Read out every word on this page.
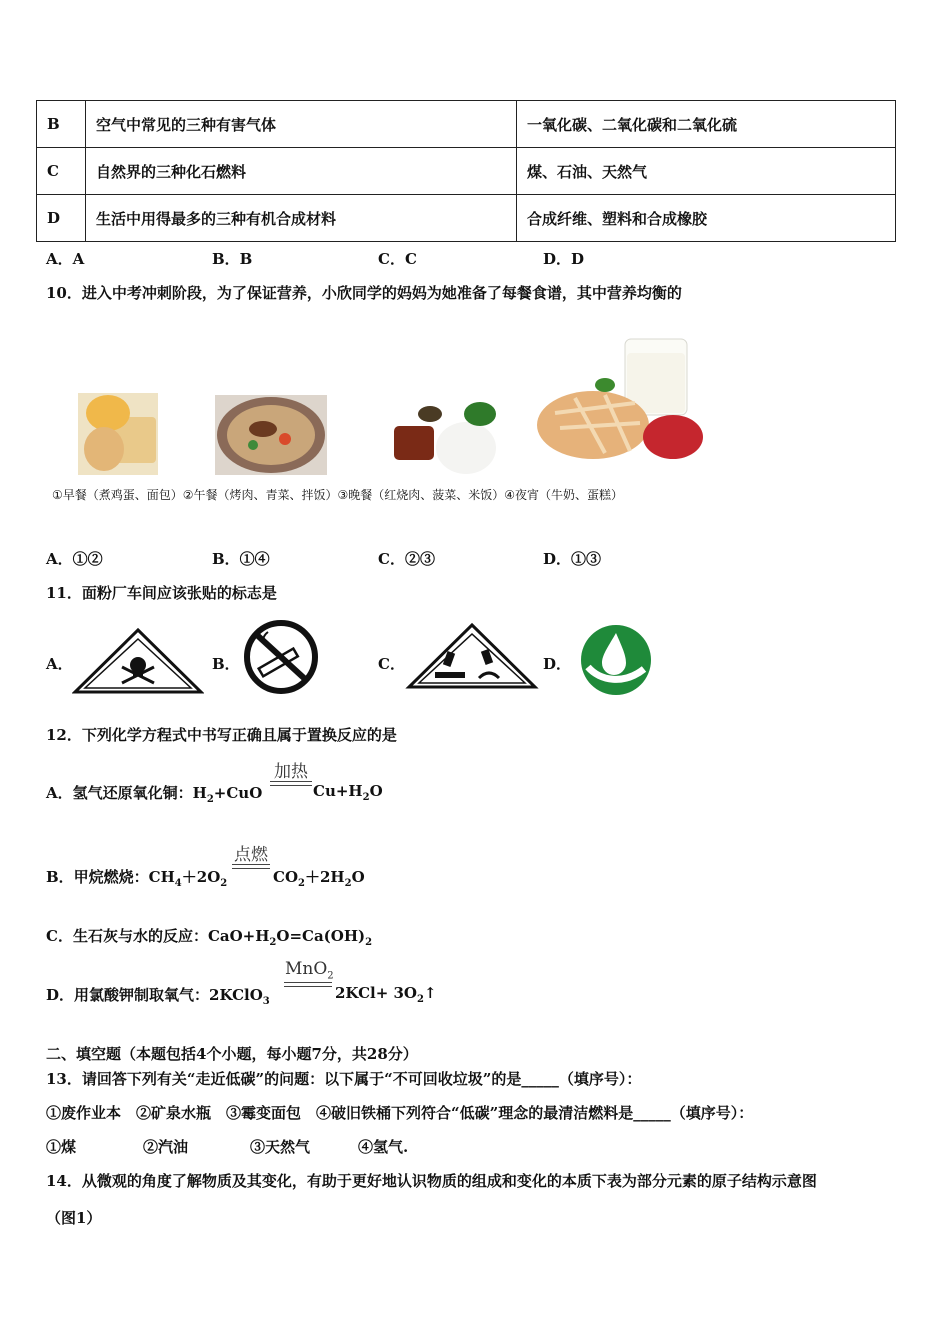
B	空气中常见的三种有害气体	一氧化碳、二氧化碳和二氧化硫
C	自然界的三种化石燃料	煤、石油、天然气
D	生活中用得最多的三种有机合成材料	合成纤维、塑料和合成橡胶
A．A	B．B	C．C	D．D
10．进入中考冲刺阶段，为了保证营养，小欣同学的妈妈为她准备了每餐食谱，其中营养均衡的
①早餐（煮鸡蛋、面包）②午餐（烤肉、青菜、拌饭）③晚餐（红烧肉、菠菜、米饭）④夜宵（牛奶、蛋糕）
A．①②	B．①④	C．②③	D．①③
11．面粉厂车间应该张贴的标志是
A．	B．	C．	D．
12．下列化学方程式中书写正确且属于置换反应的是
A．氢气还原氧化铜：$H_2+CuO$
加热
$Cu+H_2O$
B．甲烷燃烧：$CH_4+2O_2$
点燃
$CO_2+2H_2O$
C．生石灰与水的反应：$CaO+H_2O=Ca(OH)_2$
D．用氯酸钾制取氧气：2KClO$_3$
MnO$_2$
$2KCl+ 3O_2↑$
二、填空题（本题包括4个小题，每小题7分，共28分）
13．请回答下列有关“走近低碳”的问题：以下属于“不可回收垃圾”的是_____（填序号）：
①废作业本　②矿泉水瓶　③霉变面包　④破旧铁桶下列符合“低碳”理念的最清洁燃料是_____（填序号）：
①煤	②汽油	③天然气	④氢气.
14．从微观的角度了解物质及其变化，有助于更好地认识物质的组成和变化的本质下表为部分元素的原子结构示意图
（图1）
